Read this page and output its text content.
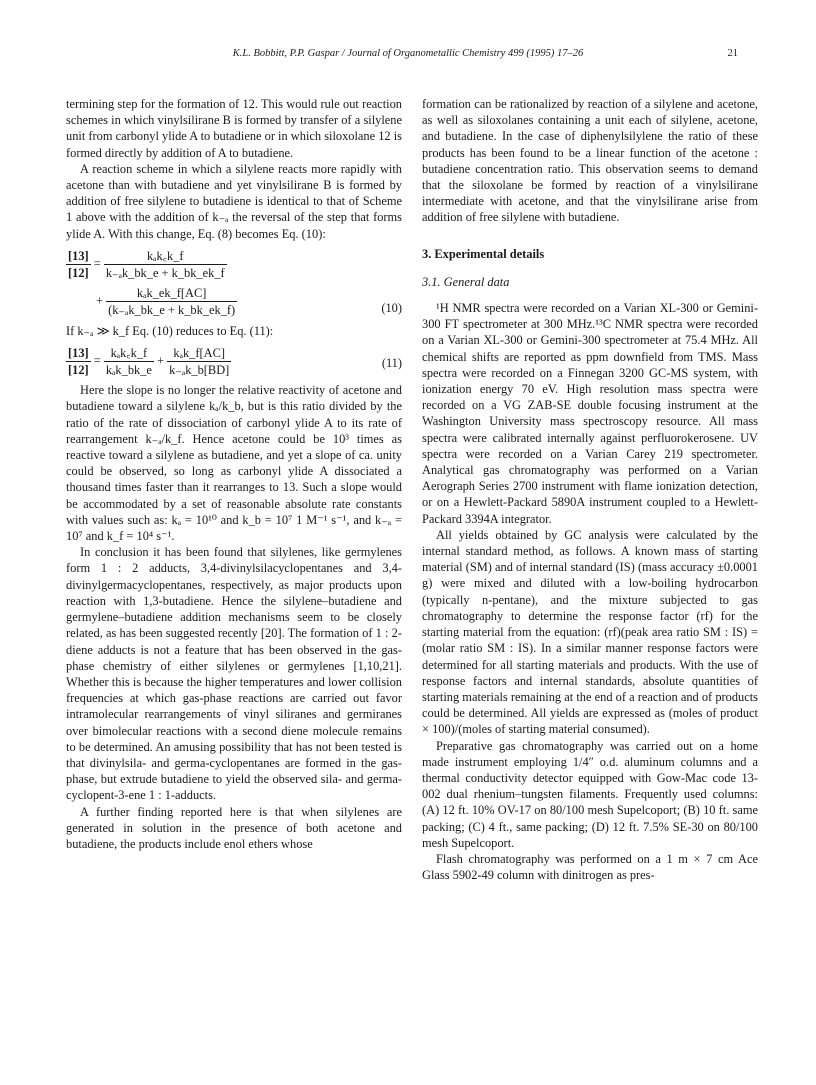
K.L. Bobbitt, P.P. Gaspar / Journal of Organometallic Chemistry 499 (1995) 17–26	21

termining step for the formation of 12. This would rule out reaction schemes in which vinylsilirane B is formed by transfer of a silylene unit from carbonyl ylide A to butadiene or in which siloxolane 12 is formed directly by addition of A to butadiene.

A reaction scheme in which a silylene reacts more rapidly with acetone than with butadiene and yet vinylsilirane B is formed by addition of free silylene to butadiene is identical to that of Scheme 1 above with the addition of k₋ₐ the reversal of the step that forms ylide A. With this change, Eq. (8) becomes Eq. (10):

$\frac{[13]}{[12]} = \frac{\text{kₐk꜀k\_f}}{\text{k₋ₐk\_bk\_e + k\_bk\_ek\_f}}$
+ $\frac{\text{kₐk\_ek\_f[AC]}}{\text{(k₋ₐk\_bk\_e + k\_bk\_ek\_f)}}$	(10)

If k₋ₐ ≫ k_f Eq. (10) reduces to Eq. (11):

$\frac{[13]}{[12]} = \frac{\text{kₐk꜀k\_f}}{\text{kₐk\_bk\_e}} + \frac{\text{kₐk\_f[AC]}}{\text{k₋ₐk\_b[BD]}}$	(11)

Here the slope is no longer the relative reactivity of acetone and butadiene toward a silylene kₐ/k_b, but is this ratio divided by the ratio of the rate of dissociation of carbonyl ylide A to its rate of rearrangement k₋ₐ/k_f. Hence acetone could be 10³ times as reactive toward a silylene as butadiene, and yet a slope of ca. unity could be observed, so long as carbonyl ylide A dissociated a thousand times faster than it rearranges to 13. Such a slope would be accommodated by a set of reasonable absolute rate constants with values such as: kₐ = 10¹⁰ and k_b = 10⁷ 1 M⁻¹ s⁻¹, and k₋ₐ = 10⁷ and k_f = 10⁴ s⁻¹.

In conclusion it has been found that silylenes, like germylenes form 1 : 2 adducts, 3,4-divinylsilacyclopentanes and 3,4-divinylgermacyclopentanes, respectively, as major products upon reaction with 1,3-butadiene. Hence the silylene–butadiene and germylene–butadiene addition mechanisms seem to be closely related, as has been suggested recently [20]. The formation of 1 : 2-diene adducts is not a feature that has been observed in the gas-phase chemistry of either silylenes or germylenes [1,10,21]. Whether this is because the higher temperatures and lower collision frequencies at which gas-phase reactions are carried out favor intramolecular rearrangements of vinyl siliranes and germiranes over bimolecular reactions with a second diene molecule remains to be determined. An amusing possibility that has not been tested is that divinylsila- and germa-cyclopentanes are formed in the gas-phase, but extrude butadiene to yield the observed sila- and germa-cyclopent-3-ene 1 : 1-adducts.

A further finding reported here is that when silylenes are generated in solution in the presence of both acetone and butadiene, the products include enol ethers whose

formation can be rationalized by reaction of a silylene and acetone, as well as siloxolanes containing a unit each of silylene, acetone, and butadiene. In the case of diphenylsilylene the ratio of these products has been found to be a linear function of the acetone : butadiene concentration ratio. This observation seems to demand that the siloxolane be formed by reaction of a vinylsilirane intermediate with acetone, and that the vinylsilirane arise from addition of free silylene with butadiene.

3. Experimental details
3.1. General data

¹H NMR spectra were recorded on a Varian XL-300 or Gemini-300 FT spectrometer at 300 MHz.¹³C NMR spectra were recorded on a Varian XL-300 or Gemini-300 spectrometer at 75.4 MHz. All chemical shifts are reported as ppm downfield from TMS. Mass spectra were recorded on a Finnegan 3200 GC-MS system, with ionization energy 70 eV. High resolution mass spectra were recorded on a VG ZAB-SE double focusing instrument at the Washington University mass spectroscopy resource. All mass spectra were calibrated internally against perfluorokerosene. UV spectra were recorded on a Varian Carey 219 spectrometer. Analytical gas chromatography was performed on a Varian Aerograph Series 2700 instrument with flame ionization detection, or on a Hewlett-Packard 5890A instrument coupled to a Hewlett-Packard 3394A integrator.

All yields obtained by GC analysis were calculated by the internal standard method, as follows. A known mass of starting material (SM) and of internal standard (IS) (mass accuracy ±0.0001 g) were mixed and diluted with a low-boiling hydrocarbon (typically n-pentane), and the mixture subjected to gas chromatography to determine the response factor (rf) for the starting material from the equation: (rf)(peak area ratio SM : IS) = (molar ratio SM : IS). In a similar manner response factors were determined for all starting materials and products. With the use of response factors and internal standards, absolute quantities of starting materials remaining at the end of a reaction and of products could be determined. All yields are expressed as (moles of product × 100)/(moles of starting material consumed).

Preparative gas chromatography was carried out on a home made instrument employing 1/4″ o.d. aluminum columns and a thermal conductivity detector equipped with Gow-Mac code 13-002 dual rhenium–tungsten filaments. Frequently used columns: (A) 12 ft. 10% OV-17 on 80/100 mesh Supelcoport; (B) 10 ft. same packing; (C) 4 ft., same packing; (D) 12 ft. 7.5% SE-30 on 80/100 mesh Supelcoport.

Flash chromatography was performed on a 1 m × 7 cm Ace Glass 5902-49 column with dinitrogen as pres-
